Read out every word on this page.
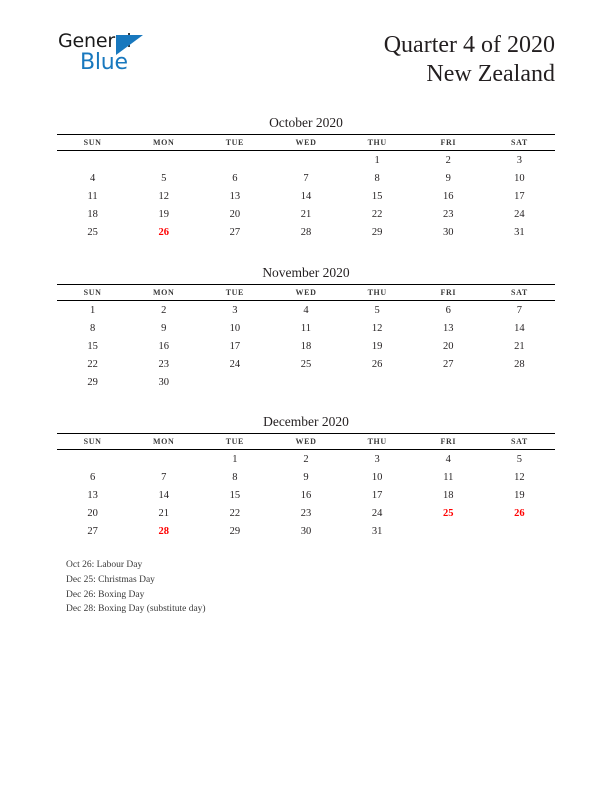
General
Blue
Quarter 4 of 2020
New Zealand
October 2020
SUN	MON	TUE	WED	THU	FRI	SAT
				1	2	3
4	5	6	7	8	9	10
11	12	13	14	15	16	17
18	19	20	21	22	23	24
25	26	27	28	29	30	31
November 2020
SUN	MON	TUE	WED	THU	FRI	SAT
1	2	3	4	5	6	7
8	9	10	11	12	13	14
15	16	17	18	19	20	21
22	23	24	25	26	27	28
29	30					
December 2020
SUN	MON	TUE	WED	THU	FRI	SAT
		1	2	3	4	5
6	7	8	9	10	11	12
13	14	15	16	17	18	19
20	21	22	23	24	25	26
27	28	29	30	31		
Oct 26: Labour Day
Dec 25: Christmas Day
Dec 26: Boxing Day
Dec 28: Boxing Day (substitute day)
